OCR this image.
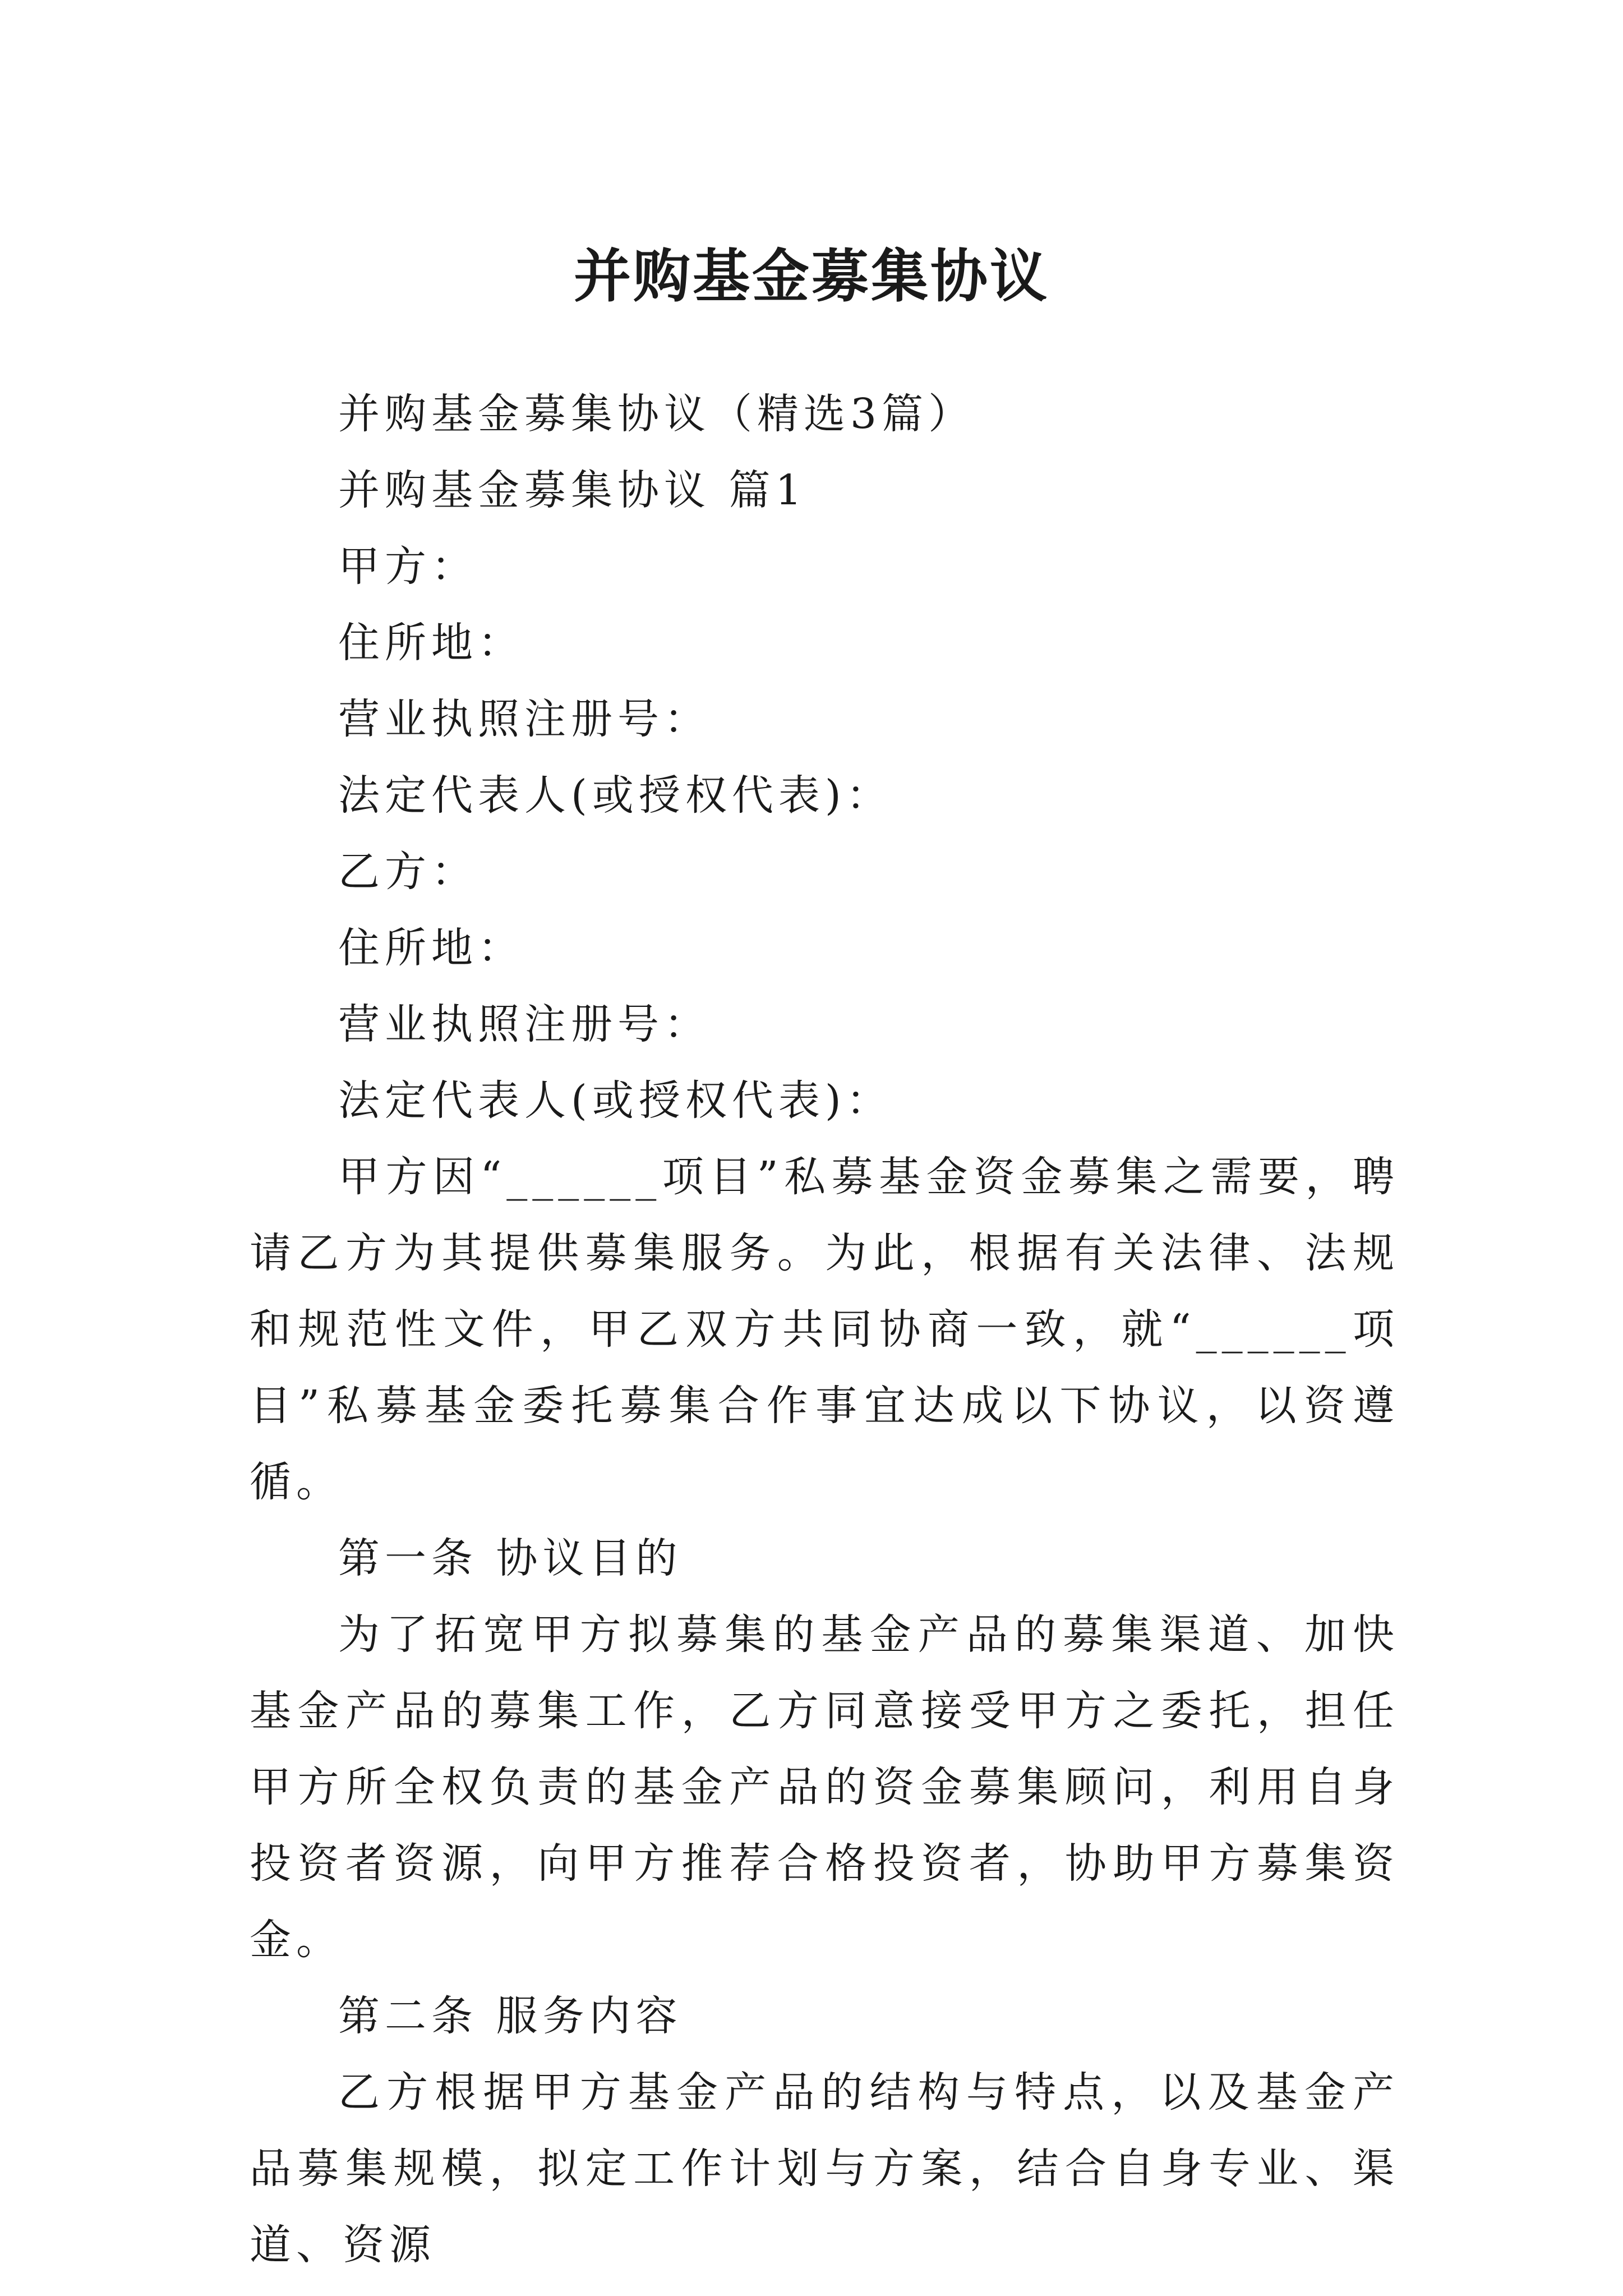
并购基金募集协议

并购基金募集协议（精选3篇）

并购基金募集协议 篇1

甲方：

住所地：

营业执照注册号：

法定代表人(或授权代表)：

乙方：

住所地：

营业执照注册号：

法定代表人(或授权代表)：

甲方因“______项目”私募基金资金募集之需要，聘请乙方为其提供募集服务。为此，根据有关法律、法规和规范性文件，甲乙双方共同协商一致，就“______项目”私募基金委托募集合作事宜达成以下协议，以资遵循。

第一条 协议目的

为了拓宽甲方拟募集的基金产品的募集渠道、加快基金产品的募集工作，乙方同意接受甲方之委托，担任甲方所全权负责的基金产品的资金募集顾问，利用自身投资者资源，向甲方推荐合格投资者，协助甲方募集资金。

第二条 服务内容

乙方根据甲方基金产品的结构与特点，以及基金产品募集规模，拟定工作计划与方案，结合自身专业、渠道、资源
